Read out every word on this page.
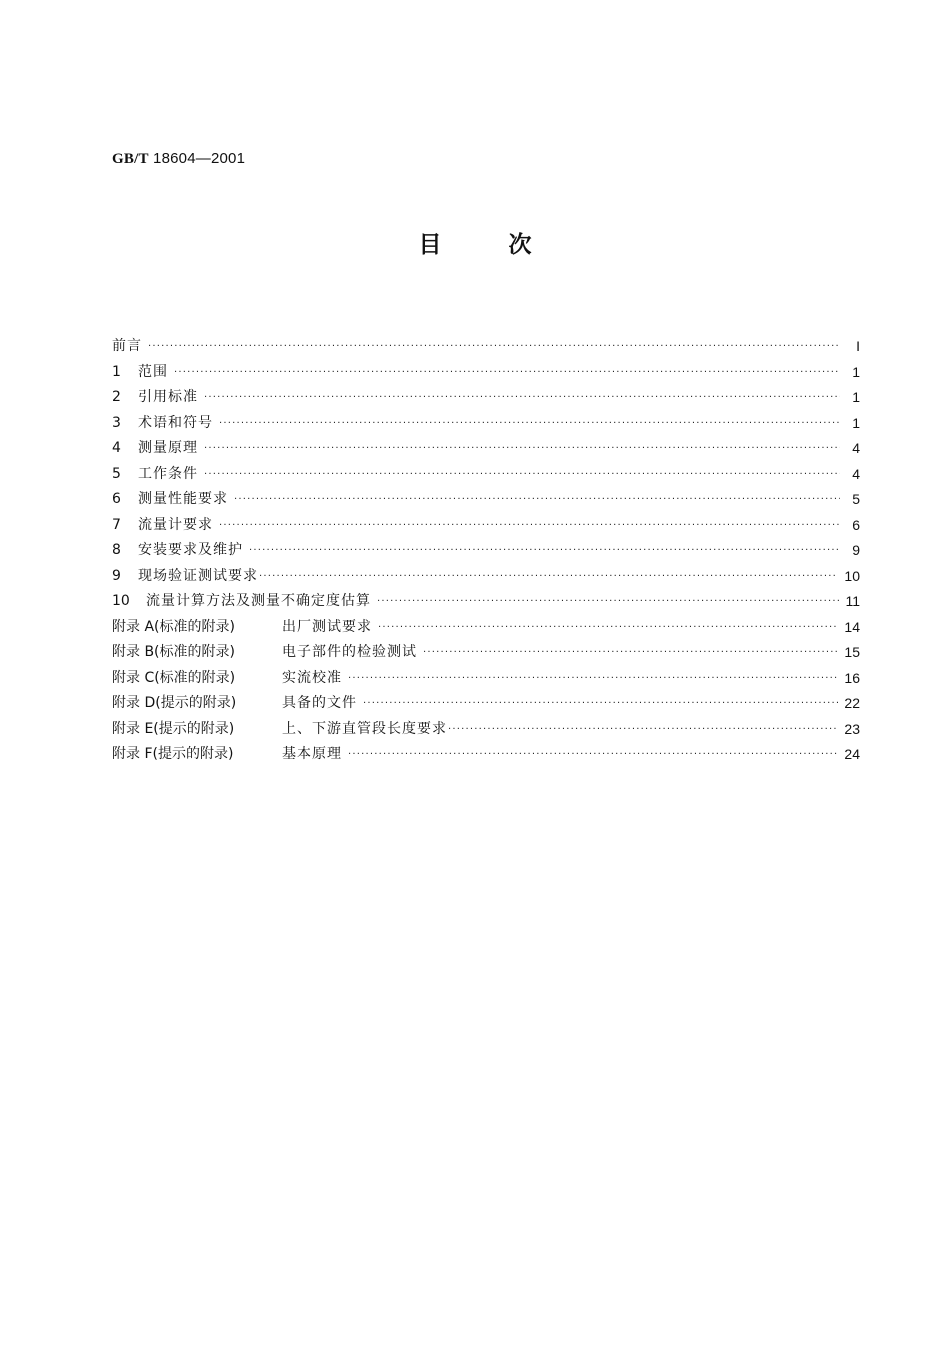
GB/T 18604—2001
目	次
前言 ·····	I
1	范围 ·····	1
2	引用标准 ·····	1
3	术语和符号 ·····	1
4	测量原理 ·····	4
5	工作条件 ·····	4
6	测量性能要求 ·····	5
7	流量计要求 ·····	6
8	安装要求及维护 ·····	9
9	现场验证测试要求 ·····	10
10	流量计算方法及测量不确定度估算 ·····	11
附录 A(标准的附录)	出厂测试要求 ·····	14
附录 B(标准的附录)	电子部件的检验测试 ·····	15
附录 C(标准的附录)	实流校准 ·····	16
附录 D(提示的附录)	具备的文件 ·····	22
附录 E(提示的附录)	上、下游直管段长度要求 ·····	23
附录 F(提示的附录)	基本原理 ·····	24
